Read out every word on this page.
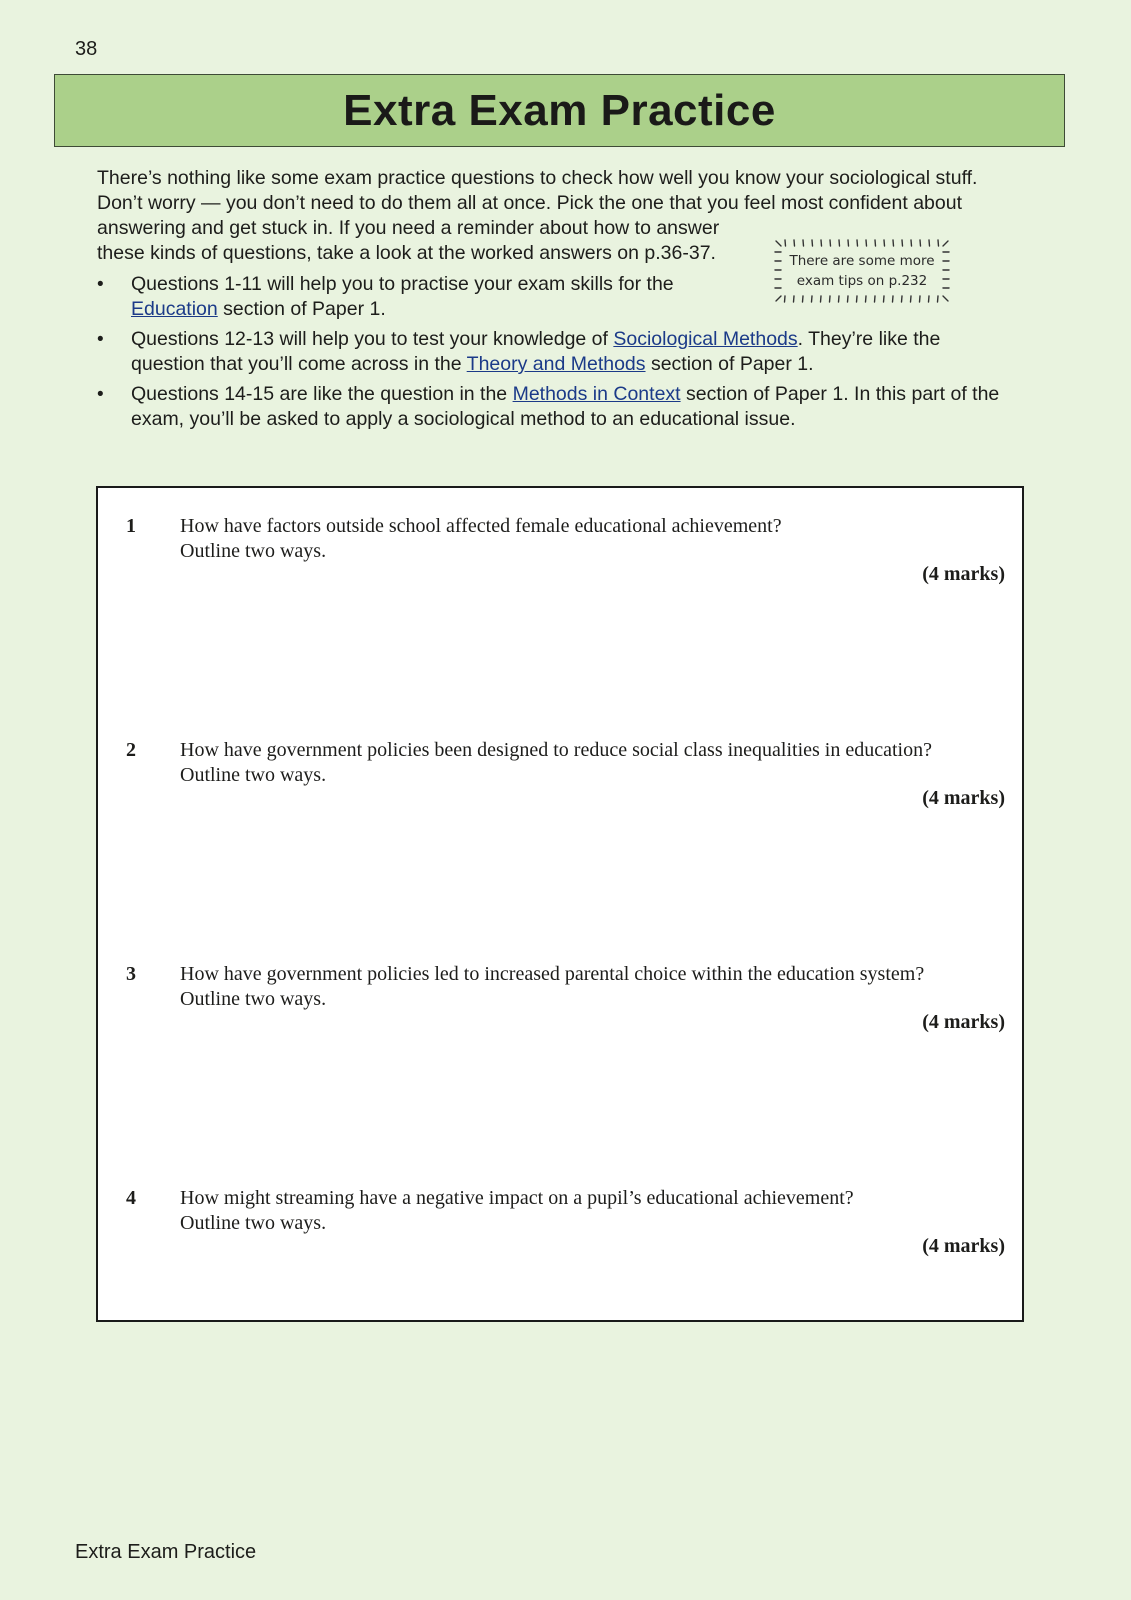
38
Extra Exam Practice

There’s nothing like some exam practice questions to check how well you know your sociological stuff.

Don’t worry — you don’t need to do them all at once. Pick the one that you feel most confident about

answering and get stuck in. If you need a reminder about how to answer

these kinds of questions, take a look at the worked answers on p.36-37.

• Questions 1-11 will help you to practise your exam skills for the Education section of Paper 1.
• Questions 12-13 will help you to test your knowledge of Sociological Methods. They’re like the question that you’ll come across in the Theory and Methods section of Paper 1.
• Questions 14-15 are like the question in the Methods in Context section of Paper 1. In this part of the exam, you’ll be asked to apply a sociological method to an educational issue.
There are some more
exam tips on p.232
1 How have factors outside school affected female educational achievement?
Outline two ways.
(4 marks)
2 How have government policies been designed to reduce social class inequalities in education?
Outline two ways.
(4 marks)
3 How have government policies led to increased parental choice within the education system?
Outline two ways.
(4 marks)
4 How might streaming have a negative impact on a pupil’s educational achievement?
Outline two ways.
(4 marks)
Extra Exam Practice
